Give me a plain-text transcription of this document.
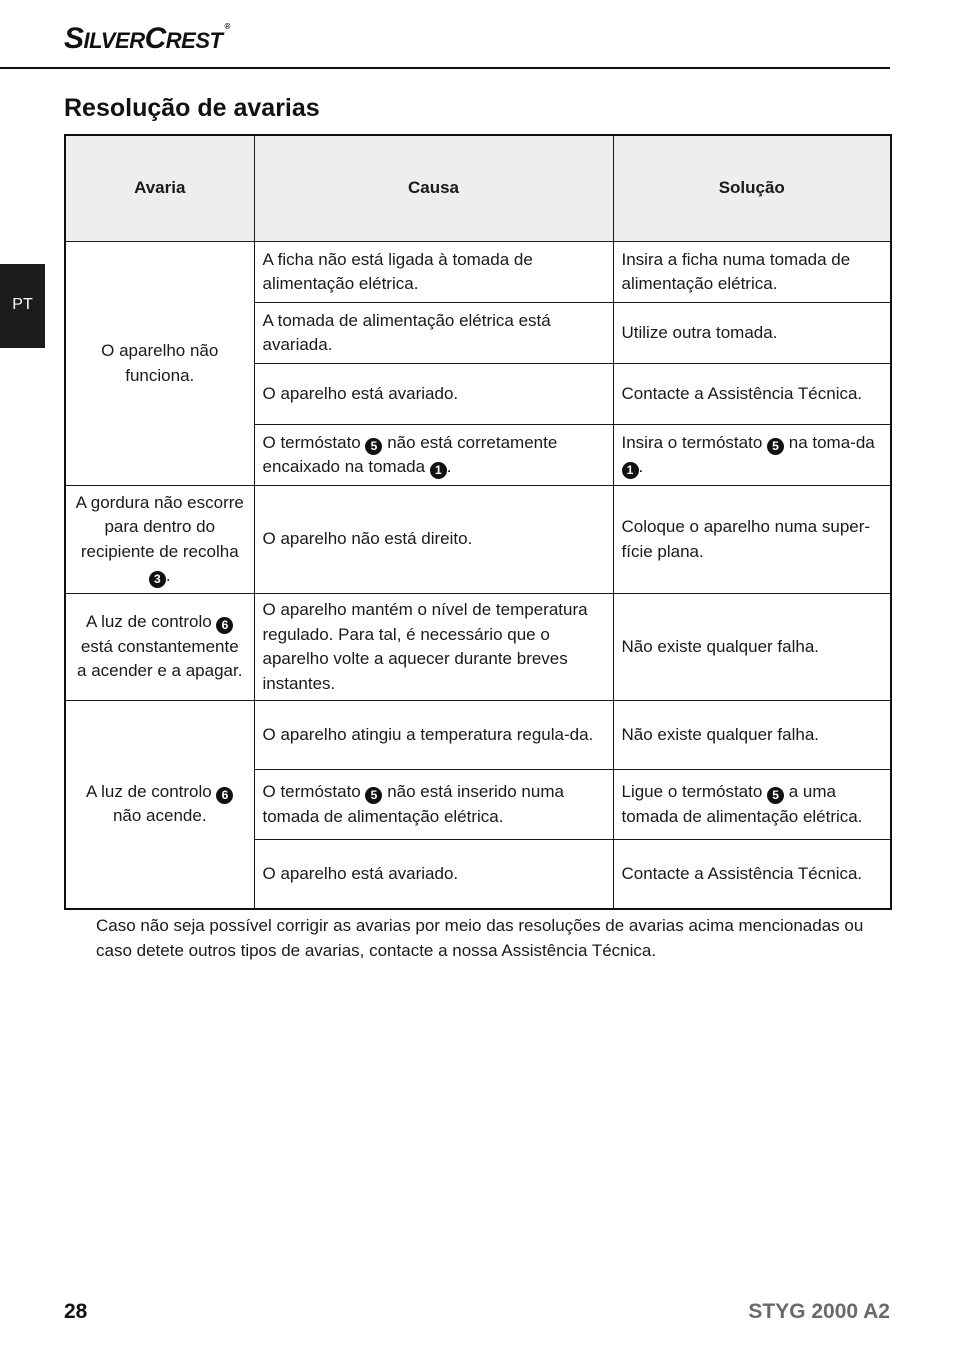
SILVERCREST®
PT
Resolução de avarias
Avaria	Causa	Solução
O aparelho não funciona.	A ficha não está ligada à tomada de alimentação elétrica.	Insira a ficha numa tomada de alimentação elétrica.
	A tomada de alimentação elétrica está avariada.	Utilize outra tomada.
	O aparelho está avariado.	Contacte a Assistência Técnica.
	O termóstato 5 não está corretamente encaixado na tomada 1 .	Insira o termóstato 5 na toma-da 1 .
A gordura não escorre para dentro do recipiente de recolha 3 .	O aparelho não está direito.	Coloque o aparelho numa super-fície plana.
A luz de controlo 6 está constantemente a acender e a apagar.	O aparelho mantém o nível de temperatura regulado. Para tal, é necessário que o aparelho volte a aquecer durante breves instantes.	Não existe qualquer falha.
A luz de controlo 6 não acende.	O aparelho atingiu a temperatura regula-da.	Não existe qualquer falha.
	O termóstato 5 não está inserido numa tomada de alimentação elétrica.	Ligue o termóstato 5 a uma tomada de alimentação elétrica.
	O aparelho está avariado.	Contacte a Assistência Técnica.

Caso não seja possível corrigir as avarias por meio das resoluções de avarias acima mencionadas ou caso detete outros tipos de avarias, contacte a nossa Assistência Técnica.

28	STYG 2000 A2
